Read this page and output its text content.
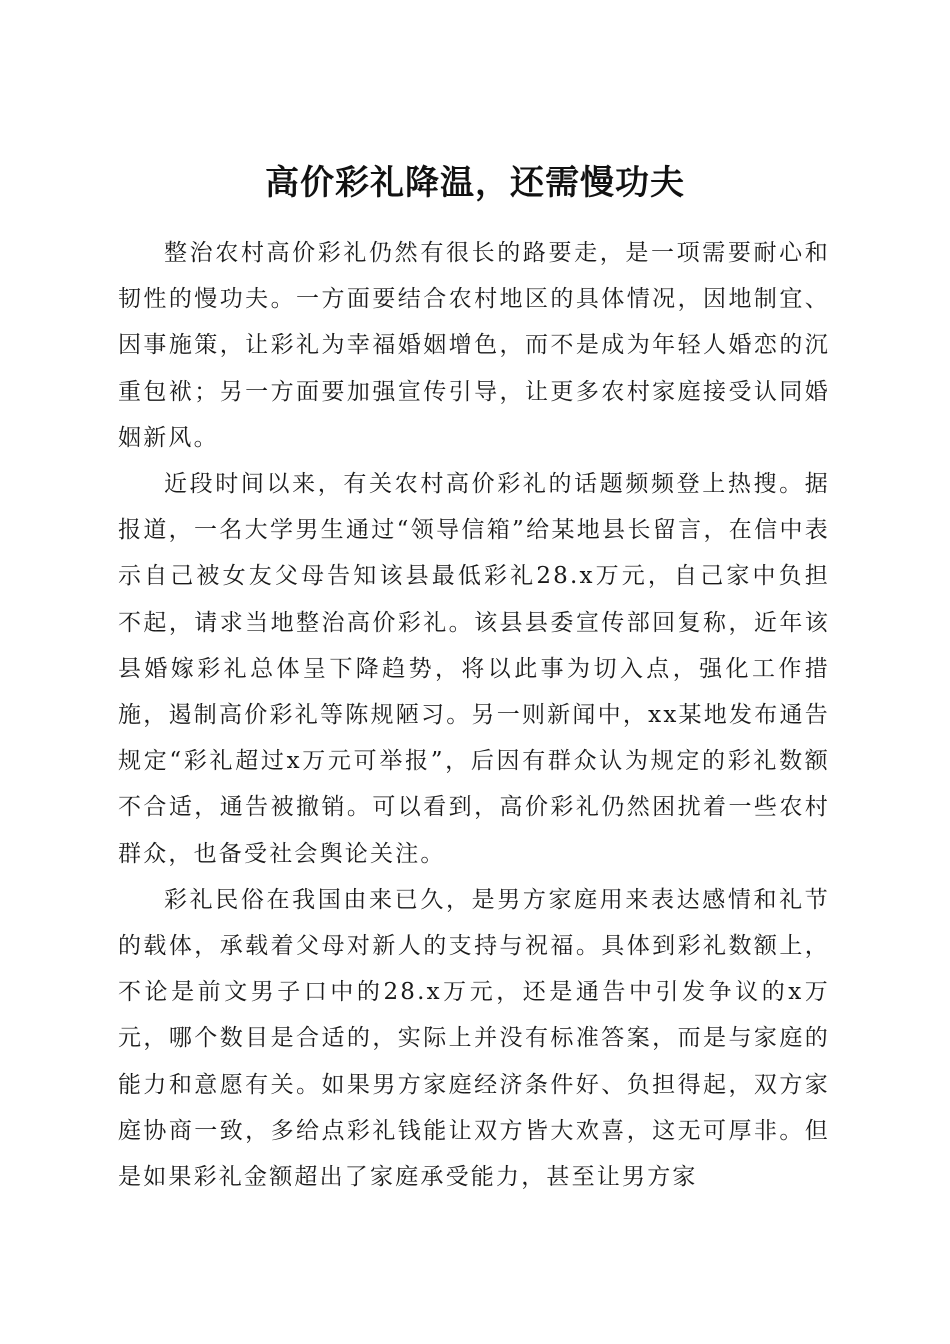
高价彩礼降温，还需慢功夫

整治农村高价彩礼仍然有很长的路要走，是一项需要耐心和韧性的慢功夫。一方面要结合农村地区的具体情况，因地制宜、因事施策，让彩礼为幸福婚姻增色，而不是成为年轻人婚恋的沉重包袱；另一方面要加强宣传引导，让更多农村家庭接受认同婚姻新风。

近段时间以来，有关农村高价彩礼的话题频频登上热搜。据报道，一名大学男生通过“领导信箱”给某地县长留言，在信中表示自己被女友父母告知该县最低彩礼28.x万元，自己家中负担不起，请求当地整治高价彩礼。该县县委宣传部回复称，近年该县婚嫁彩礼总体呈下降趋势，将以此事为切入点，强化工作措施，遏制高价彩礼等陈规陋习。另一则新闻中，xx某地发布通告规定“彩礼超过x万元可举报”，后因有群众认为规定的彩礼数额不合适，通告被撤销。可以看到，高价彩礼仍然困扰着一些农村群众，也备受社会舆论关注。

彩礼民俗在我国由来已久，是男方家庭用来表达感情和礼节的载体，承载着父母对新人的支持与祝福。具体到彩礼数额上，不论是前文男子口中的28.x万元，还是通告中引发争议的x万元，哪个数目是合适的，实际上并没有标准答案，而是与家庭的能力和意愿有关。如果男方家庭经济条件好、负担得起，双方家庭协商一致，多给点彩礼钱能让双方皆大欢喜，这无可厚非。但是如果彩礼金额超出了家庭承受能力，甚至让男方家
